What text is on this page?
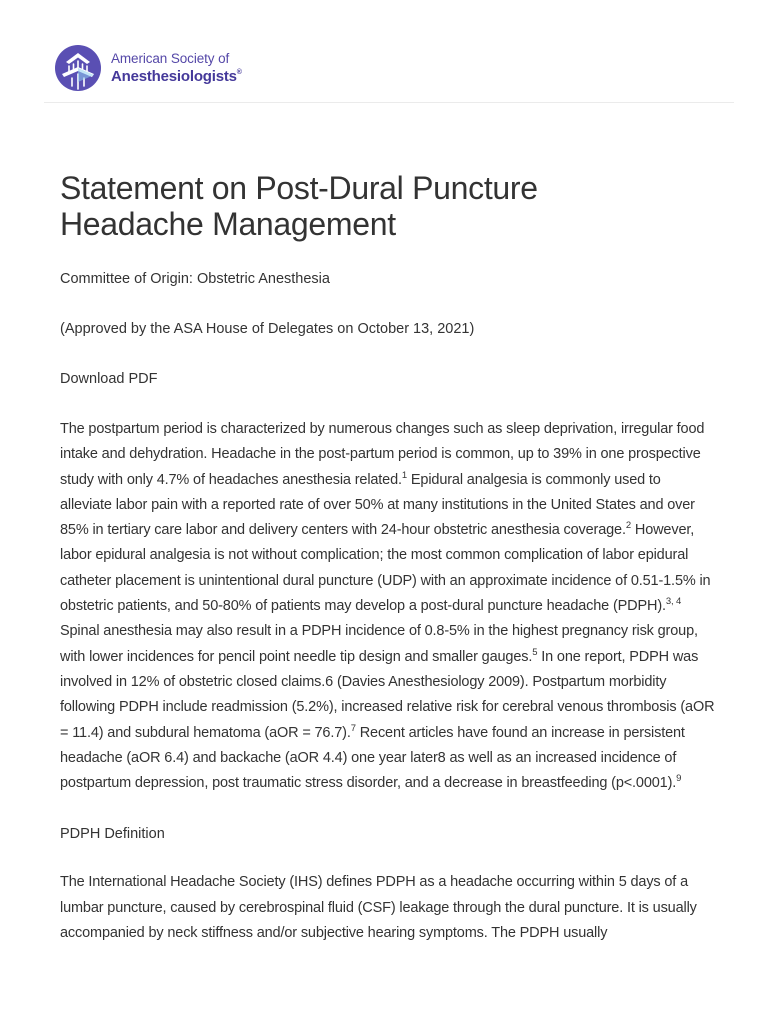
American Society of
Anesthesiologists®
Statement on Post-Dural Puncture
Headache Management

Committee of Origin: Obstetric Anesthesia

(Approved by the ASA House of Delegates on October 13, 2021)

Download PDF

The postpartum period is characterized by numerous changes such as sleep deprivation, irregular food intake and dehydration. Headache in the post-partum period is common, up to 39% in one prospective study with only 4.7% of headaches anesthesia related.$^1$ Epidural analgesia is commonly used to alleviate labor pain with a reported rate of over 50% at many institutions in the United States and over 85% in tertiary care labor and delivery centers with 24-hour obstetric anesthesia coverage.$^2$ However, labor epidural analgesia is not without complication; the most common complication of labor epidural catheter placement is unintentional dural puncture (UDP) with an approximate incidence of 0.51-1.5% in obstetric patients, and 50-80% of patients may develop a post-dural puncture headache (PDPH).$^{3, 4}$ Spinal anesthesia may also result in a PDPH incidence of 0.8-5% in the highest pregnancy risk group, with lower incidences for pencil point needle tip design and smaller gauges.$^5$ In one report, PDPH was involved in 12% of obstetric closed claims.6 (Davies Anesthesiology 2009). Postpartum morbidity following PDPH include readmission (5.2%), increased relative risk for cerebral venous thrombosis (aOR = 11.4) and subdural hematoma (aOR = 76.7).$^7$ Recent articles have found an increase in persistent headache (aOR 6.4) and backache (aOR 4.4) one year later8 as well as an increased incidence of postpartum depression, post traumatic stress disorder, and a decrease in breastfeeding (p<.0001).$^9$

PDPH Definition

The International Headache Society (IHS) defines PDPH as a headache occurring within 5 days of a lumbar puncture, caused by cerebrospinal fluid (CSF) leakage through the dural puncture. It is usually accompanied by neck stiffness and/or subjective hearing symptoms. The PDPH usually
